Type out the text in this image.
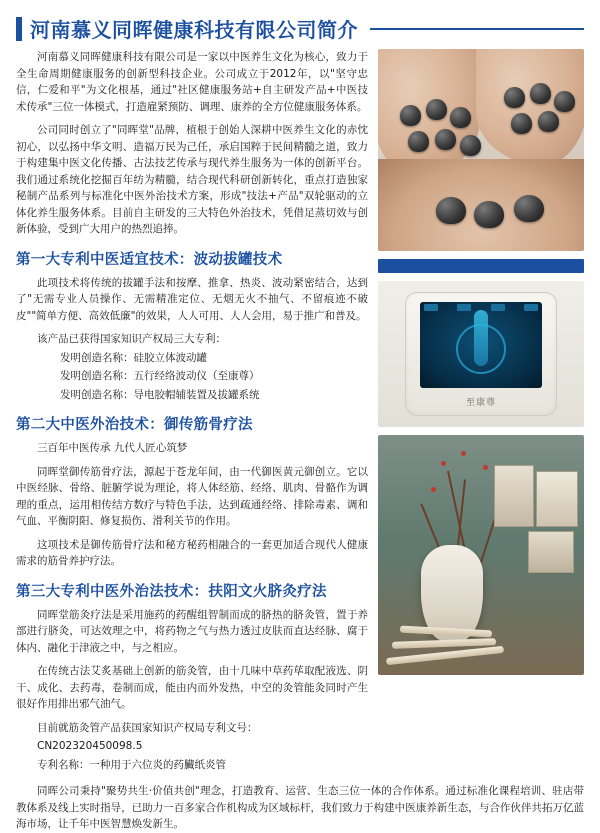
河南慕义同晖健康科技有限公司简介

河南慕义同晖健康科技有限公司是一家以中医养生文化为核心，致力于全生命周期健康服务的创新型科技企业。公司成立于2012年，以"坚守忠信，仁爱和平"为文化根基，通过"社区健康服务站+自主研发产品+中医技术传承"三位一体模式，打造雇紧预防、调理、康养的全方位健康服务体系。

公司同时创立了"同晖堂"品牌，植根于创始人深耕中医养生文化的赤忱初心，以弘扬中华文明、造福万民为己任，承启国粹于民间精髓之道，致力于构建集中医文化传播、古法技艺传承与现代养生服务为一体的创新平台。我们通过系统化挖掘百年纺为精髓，结合现代科研创新转化，重点打造独家秘制产品系列与标准化中医外治技术方案，形成"技法+产品"双轮驱动的立体化养生服务体系。目前自主研发的三大特色外治技术，凭借足蒸切效与创新体验，受到广大用户的热烈追捧。

第一大专利中医适宜技术：波动拔罐技术

此项技术将传统的拔罐手法和按摩、推拿、热炎、波动紧密结合，达到了"无需专业人员操作、无需精准定位、无烟无火不抽气、不留痕迹不破皮""简单方便、高效低廉"的效果，人人可用、人人会用，易于推广和普及。

该产品已获得国家知识产权局三大专利：

发明创造名称：硅胶立体波动罐

发明创造名称：五行经络波动仪（至康尊）

发明创造名称：导电胶帽辅装置及拔罐系统

第二大中医外治技术：御传筋骨疗法

三百年中医传承 九代人匠心筑梦

同晖堂御传筋骨疗法，源起于苍龙年间，由一代御医黄元御创立。它以中医经脉、骨络、脏腑学说为理论，将人体经筋、经络、肌肉、骨骼作为调理的重点，运用相传结方数疗与特色手法，达到疏通经络、排除毒素、调和气血、平衡阴阳、修复损伤、滑利关节的作用。

这项技术是御传筋骨疗法和秘方秘药相融合的一套更加适合现代人健康需求的筋骨养护疗法。

第三大专利中医外治法技术：扶阳文火脐灸疗法

同晖堂筋灸疗法是采用施药的药醒组智制而成的脐热的脐灸管，置于养部进行脐灸，可达效理之中，将药物之气与热力透过皮肤而直达经脉、腐于体内、融化于津液之中，与之相应。

在传统古法艾炙基础上创新的筋灸管，由十几味中草药荜取配液选、阴干、成化、去药毒，卷制而成，能由内而外发热，中空的灸管能灸同时产生很好作用排出邪气油气。

目前就筋灸管产品获国家知识产权局专利文号：

CN202320450098.5

专利名称：一种用于六位炎的药臟纸炎管

至康尊

同晖公司秉持"聚势共生·价值共创"理念，打造教育、运营、生态三位一体的合作体系。通过标准化课程培训、驻店带教体系及线上实时指导，已助力一百多家合作机构成为区域标杆，我们致力于构建中医康养新生态，与合作伙伴共拓万亿蓝海市场，让千年中医智慧焕发新生。
